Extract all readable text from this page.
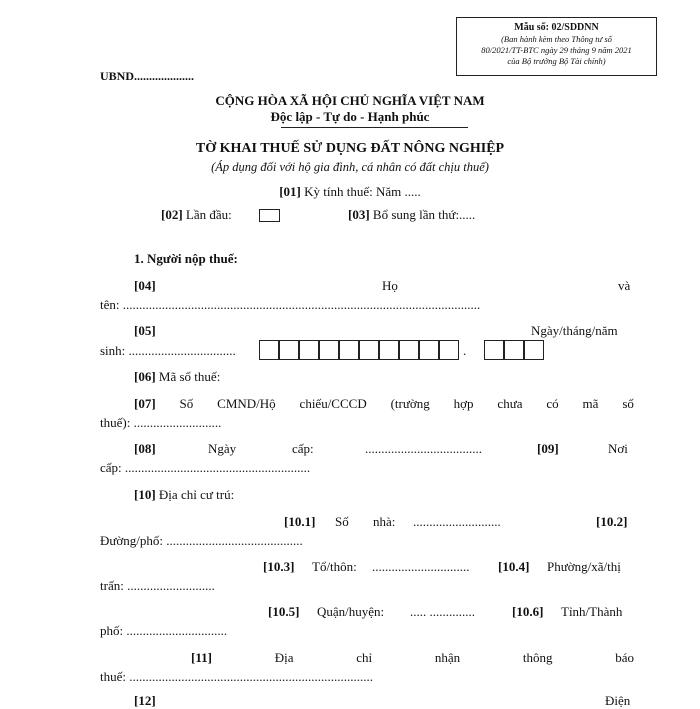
Mẫu số: 02/SDDNN
(Ban hành kèm theo Thông tư số
80/2021/TT-BTC ngày 29 tháng 9 năm 2021
của Bộ trưởng Bộ Tài chính)
UBND....................
CỘNG HÒA XÃ HỘI CHỦ NGHĨA VIỆT NAM
Độc lập - Tự do - Hạnh phúc
TỜ KHAI THUẾ SỬ DỤNG ĐẤT NÔNG NGHIỆP
(Áp dụng đối với hộ gia đình, cá nhân có đất chịu thuế)
[01] Kỳ tính thuế: Năm .....
[02] Lần đầu:	[03] Bổ sung lần thứ:.....
1. Người nộp thuế:
[04]	Họ	và
tên: ..............................................................................................................
[05]	Ngày/tháng/năm
sinh: .................................	.
[06] Mã số thuế:
[07] Số CMND/Hộ chiếu/CCCD (trường hợp chưa có mã số
thuế): ...........................
[08]	Ngày	cấp:	....................................	[09]	Nơi
cấp: .........................................................
[10] Địa chỉ cư trú:
[10.1] Số nhà: ...........................	[10.2]
Đường/phố: ..........................................
[10.3] Tổ/thôn: .............................. [10.4] Phường/xã/thị
trấn: ...........................
[10.5] Quận/huyện: ..... ..............	[10.6] Tỉnh/Thành
phố: ...............................
[11]	Địa	chỉ	nhận	thông	báo
thuế: ...........................................................................
[12]	Điện
